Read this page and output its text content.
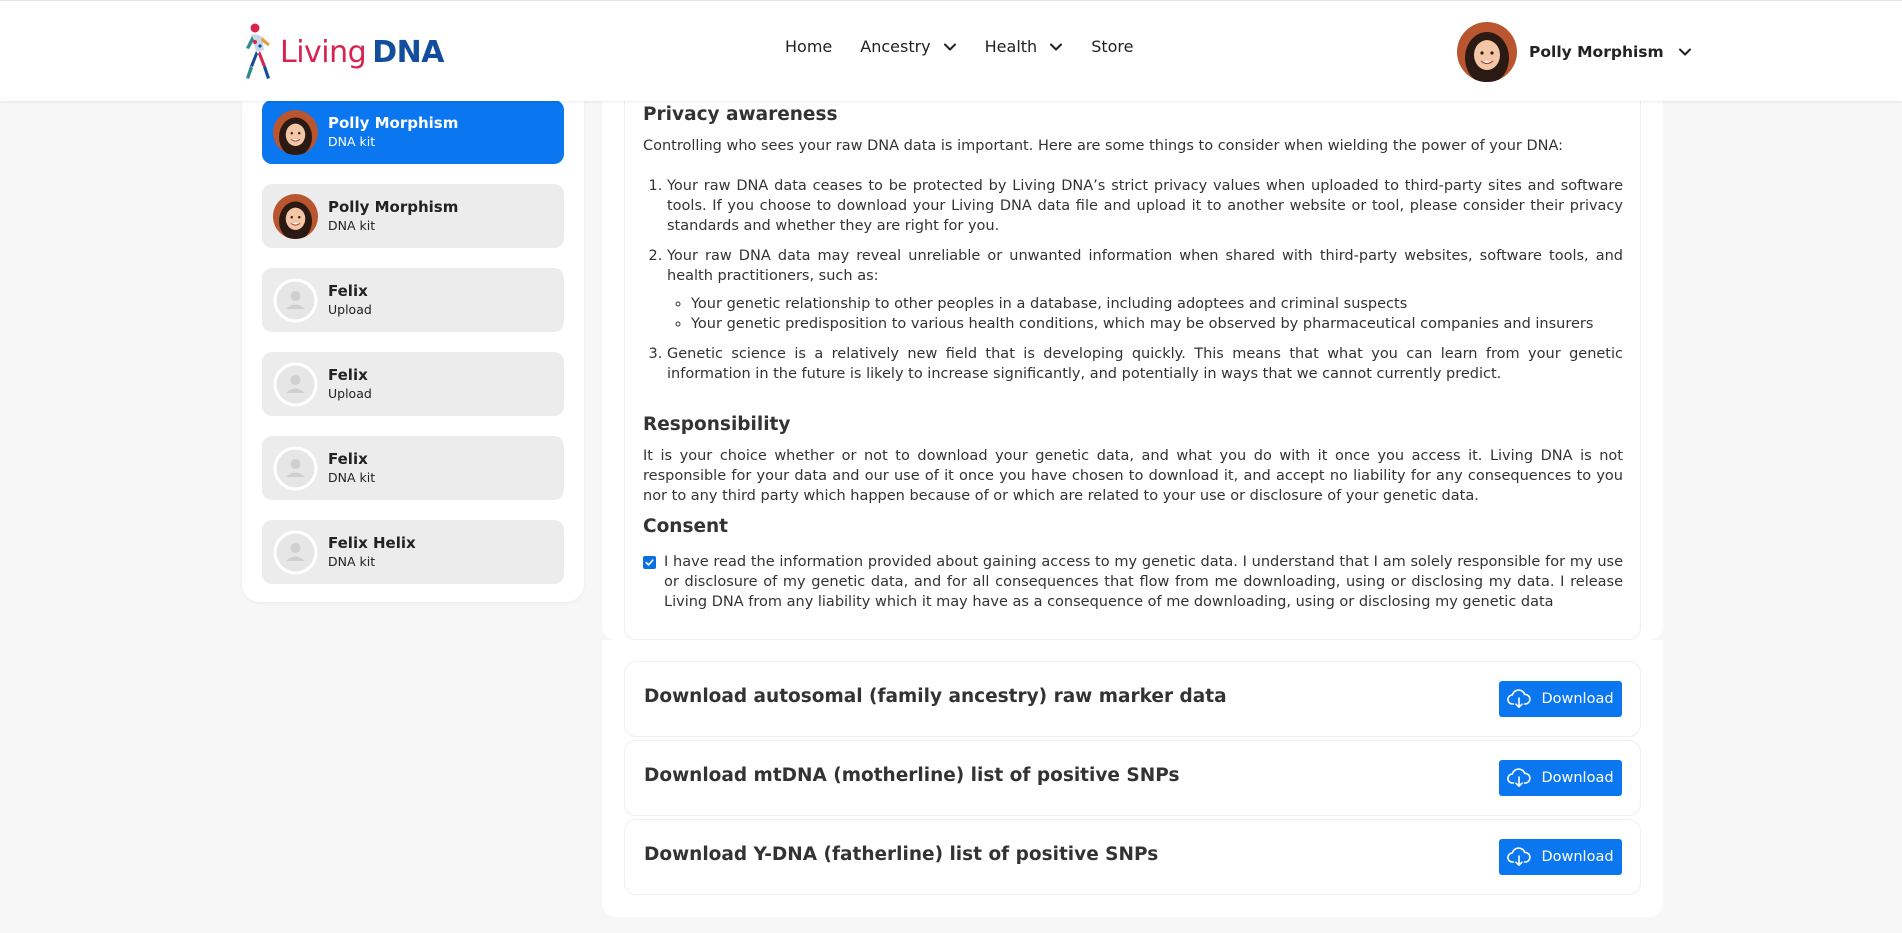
Living DNA	Home Ancestry	Health	Store	Polly Morphism
Polly Morphism
DNA kit
Polly Morphism
DNA kit
Felix
Upload
Felix
Upload
Felix
DNA kit
Felix Helix
DNA kit
Privacy awareness

Controlling who sees your raw DNA data is important. Here are some things to consider when wielding the power of your DNA:

1. Your raw DNA data ceases to be protected by Living DNA’s strict privacy values when uploaded to third-party sites and software tools. If you choose to download your Living DNA data file and upload it to another website or tool, please consider their privacy standards and whether they are right for you.
2. Your raw DNA data may reveal unreliable or unwanted information when shared with third-party websites, software tools, and health practitioners, such as:
◦ Your genetic relationship to other peoples in a database, including adoptees and criminal suspects
◦ Your genetic predisposition to various health conditions, which may be observed by pharmaceutical companies and insurers
3. Genetic science is a relatively new field that is developing quickly. This means that what you can learn from your genetic information in the future is likely to increase significantly, and potentially in ways that we cannot currently predict.
Responsibility

It is your choice whether or not to download your genetic data, and what you do with it once you access it. Living DNA is not responsible for your data and our use of it once you have chosen to download it, and accept no liability for any consequences to you nor to any third party which happen because of or which are related to your use or disclosure of your genetic data.

Consent

I have read the information provided about gaining access to my genetic data. I understand that I am solely responsible for my use or disclosure of my genetic data, and for all consequences that flow from me downloading, using or disclosing my data. I release Living DNA from any liability which it may have as a consequence of me downloading, using or disclosing my genetic data

Download autosomal (family ancestry) raw marker data	Download
Download mtDNA (motherline) list of positive SNPs	Download
Download Y-DNA (fatherline) list of positive SNPs	Download
